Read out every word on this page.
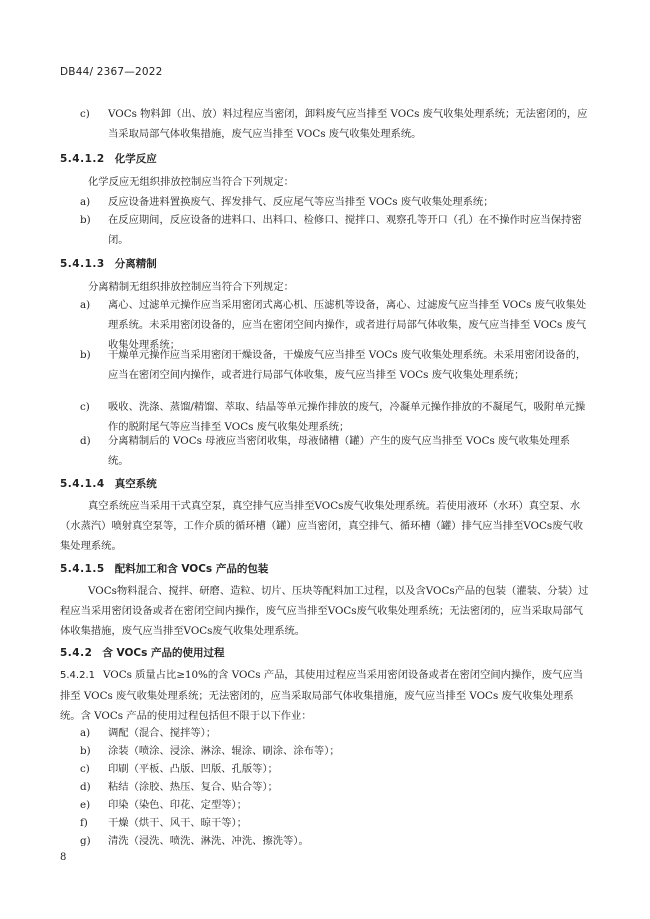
DB44/ 2367—2022
c)	VOCs 物料卸（出、放）料过程应当密闭，卸料废气应当排至 VOCs 废气收集处理系统；无法密闭的，应当采取局部气体收集措施，废气应当排至 VOCs 废气收集处理系统。
5.4.1.2 化学反应
化学反应无组织排放控制应当符合下列规定：
a)	反应设备进料置换废气、挥发排气、反应尾气等应当排至 VOCs 废气收集处理系统；
b)	在反应期间，反应设备的进料口、出料口、检修口、搅拌口、观察孔等开口（孔）在不操作时应当保持密闭。
5.4.1.3 分离精制
分离精制无组织排放控制应当符合下列规定：
a)	离心、过滤单元操作应当采用密闭式离心机、压滤机等设备，离心、过滤废气应当排至 VOCs 废气收集处理系统。未采用密闭设备的，应当在密闭空间内操作，或者进行局部气体收集，废气应当排至 VOCs 废气收集处理系统；
b)	干燥单元操作应当采用密闭干燥设备，干燥废气应当排至 VOCs 废气收集处理系统。未采用密闭设备的，应当在密闭空间内操作，或者进行局部气体收集，废气应当排至 VOCs 废气收集处理系统；
c)	吸收、洗涤、蒸馏/精馏、萃取、结晶等单元操作排放的废气，冷凝单元操作排放的不凝尾气，吸附单元操作的脱附尾气等应当排至 VOCs 废气收集处理系统；
d)	分离精制后的 VOCs 母液应当密闭收集，母液储槽（罐）产生的废气应当排至 VOCs 废气收集处理系统。
5.4.1.4 真空系统

真空系统应当采用干式真空泵，真空排气应当排至VOCs废气收集处理系统。若使用液环（水环）真空泵、水（水蒸汽）喷射真空泵等，工作介质的循环槽（罐）应当密闭，真空排气、循环槽（罐）排气应当排至VOCs废气收集处理系统。

5.4.1.5 配料加工和含 VOCs 产品的包装

VOCs物料混合、搅拌、研磨、造粒、切片、压块等配料加工过程，以及含VOCs产品的包装（灌装、分装）过程应当采用密闭设备或者在密闭空间内操作，废气应当排至VOCs废气收集处理系统；无法密闭的，应当采取局部气体收集措施，废气应当排至VOCs废气收集处理系统。

5.4.2 含 VOCs 产品的使用过程

5.4.2.1 VOCs 质量占比≥10%的含 VOCs 产品，其使用过程应当采用密闭设备或者在密闭空间内操作，废气应当排至 VOCs 废气收集处理系统；无法密闭的，应当采取局部气体收集措施，废气应当排至 VOCs 废气收集处理系统。含 VOCs 产品的使用过程包括但不限于以下作业：

a)	调配（混合、搅拌等）；
b)	涂装（喷涂、浸涂、淋涂、辊涂、刷涂、涂布等）；
c)	印刷（平板、凸版、凹版、孔版等）；
d)	粘结（涂胶、热压、复合、贴合等）；
e)	印染（染色、印花、定型等）；
f)	干燥（烘干、风干、晾干等）；
g)	清洗（浸洗、喷洗、淋洗、冲洗、擦洗等）。
8
